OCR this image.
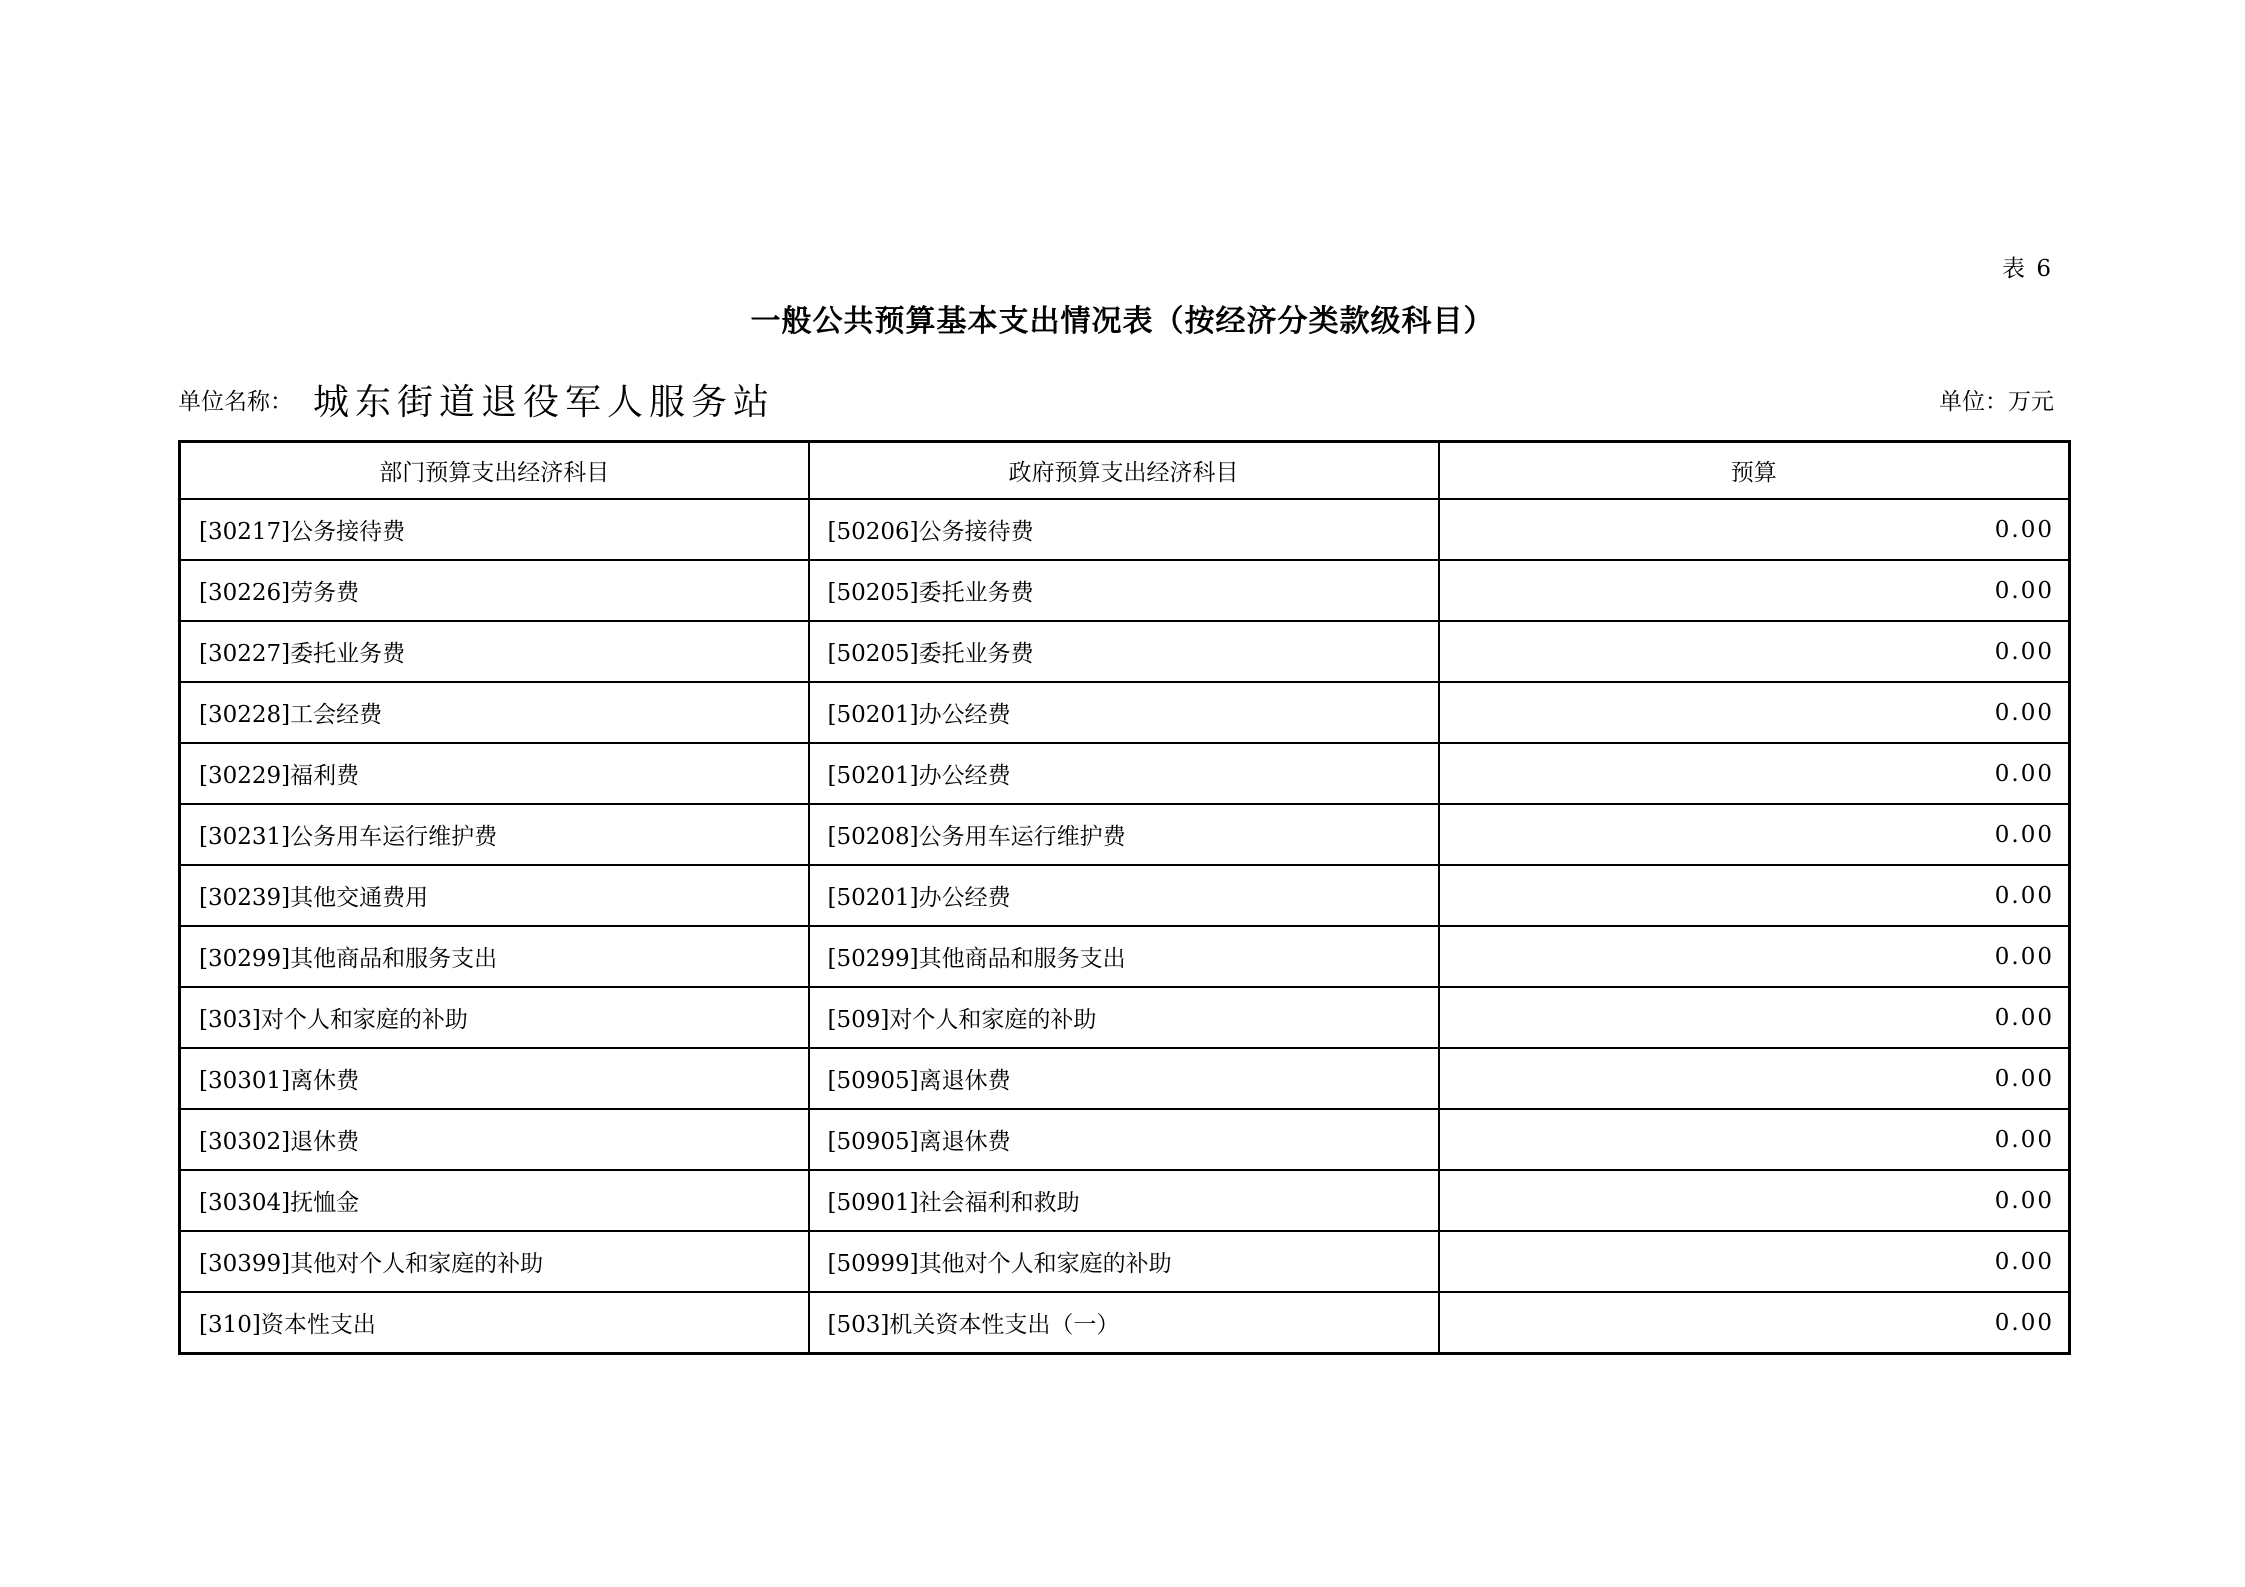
表 6
一般公共预算基本支出情况表（按经济分类款级科目）
单位名称： 城东街道退役军人服务站	单位：万元
部门预算支出经济科目	政府预算支出经济科目	预算
[30217]公务接待费	[50206]公务接待费	0.00
[30226]劳务费	[50205]委托业务费	0.00
[30227]委托业务费	[50205]委托业务费	0.00
[30228]工会经费	[50201]办公经费	0.00
[30229]福利费	[50201]办公经费	0.00
[30231]公务用车运行维护费	[50208]公务用车运行维护费	0.00
[30239]其他交通费用	[50201]办公经费	0.00
[30299]其他商品和服务支出	[50299]其他商品和服务支出	0.00
[303]对个人和家庭的补助	[509]对个人和家庭的补助	0.00
[30301]离休费	[50905]离退休费	0.00
[30302]退休费	[50905]离退休费	0.00
[30304]抚恤金	[50901]社会福利和救助	0.00
[30399]其他对个人和家庭的补助	[50999]其他对个人和家庭的补助	0.00
[310]资本性支出	[503]机关资本性支出（一）	0.00
